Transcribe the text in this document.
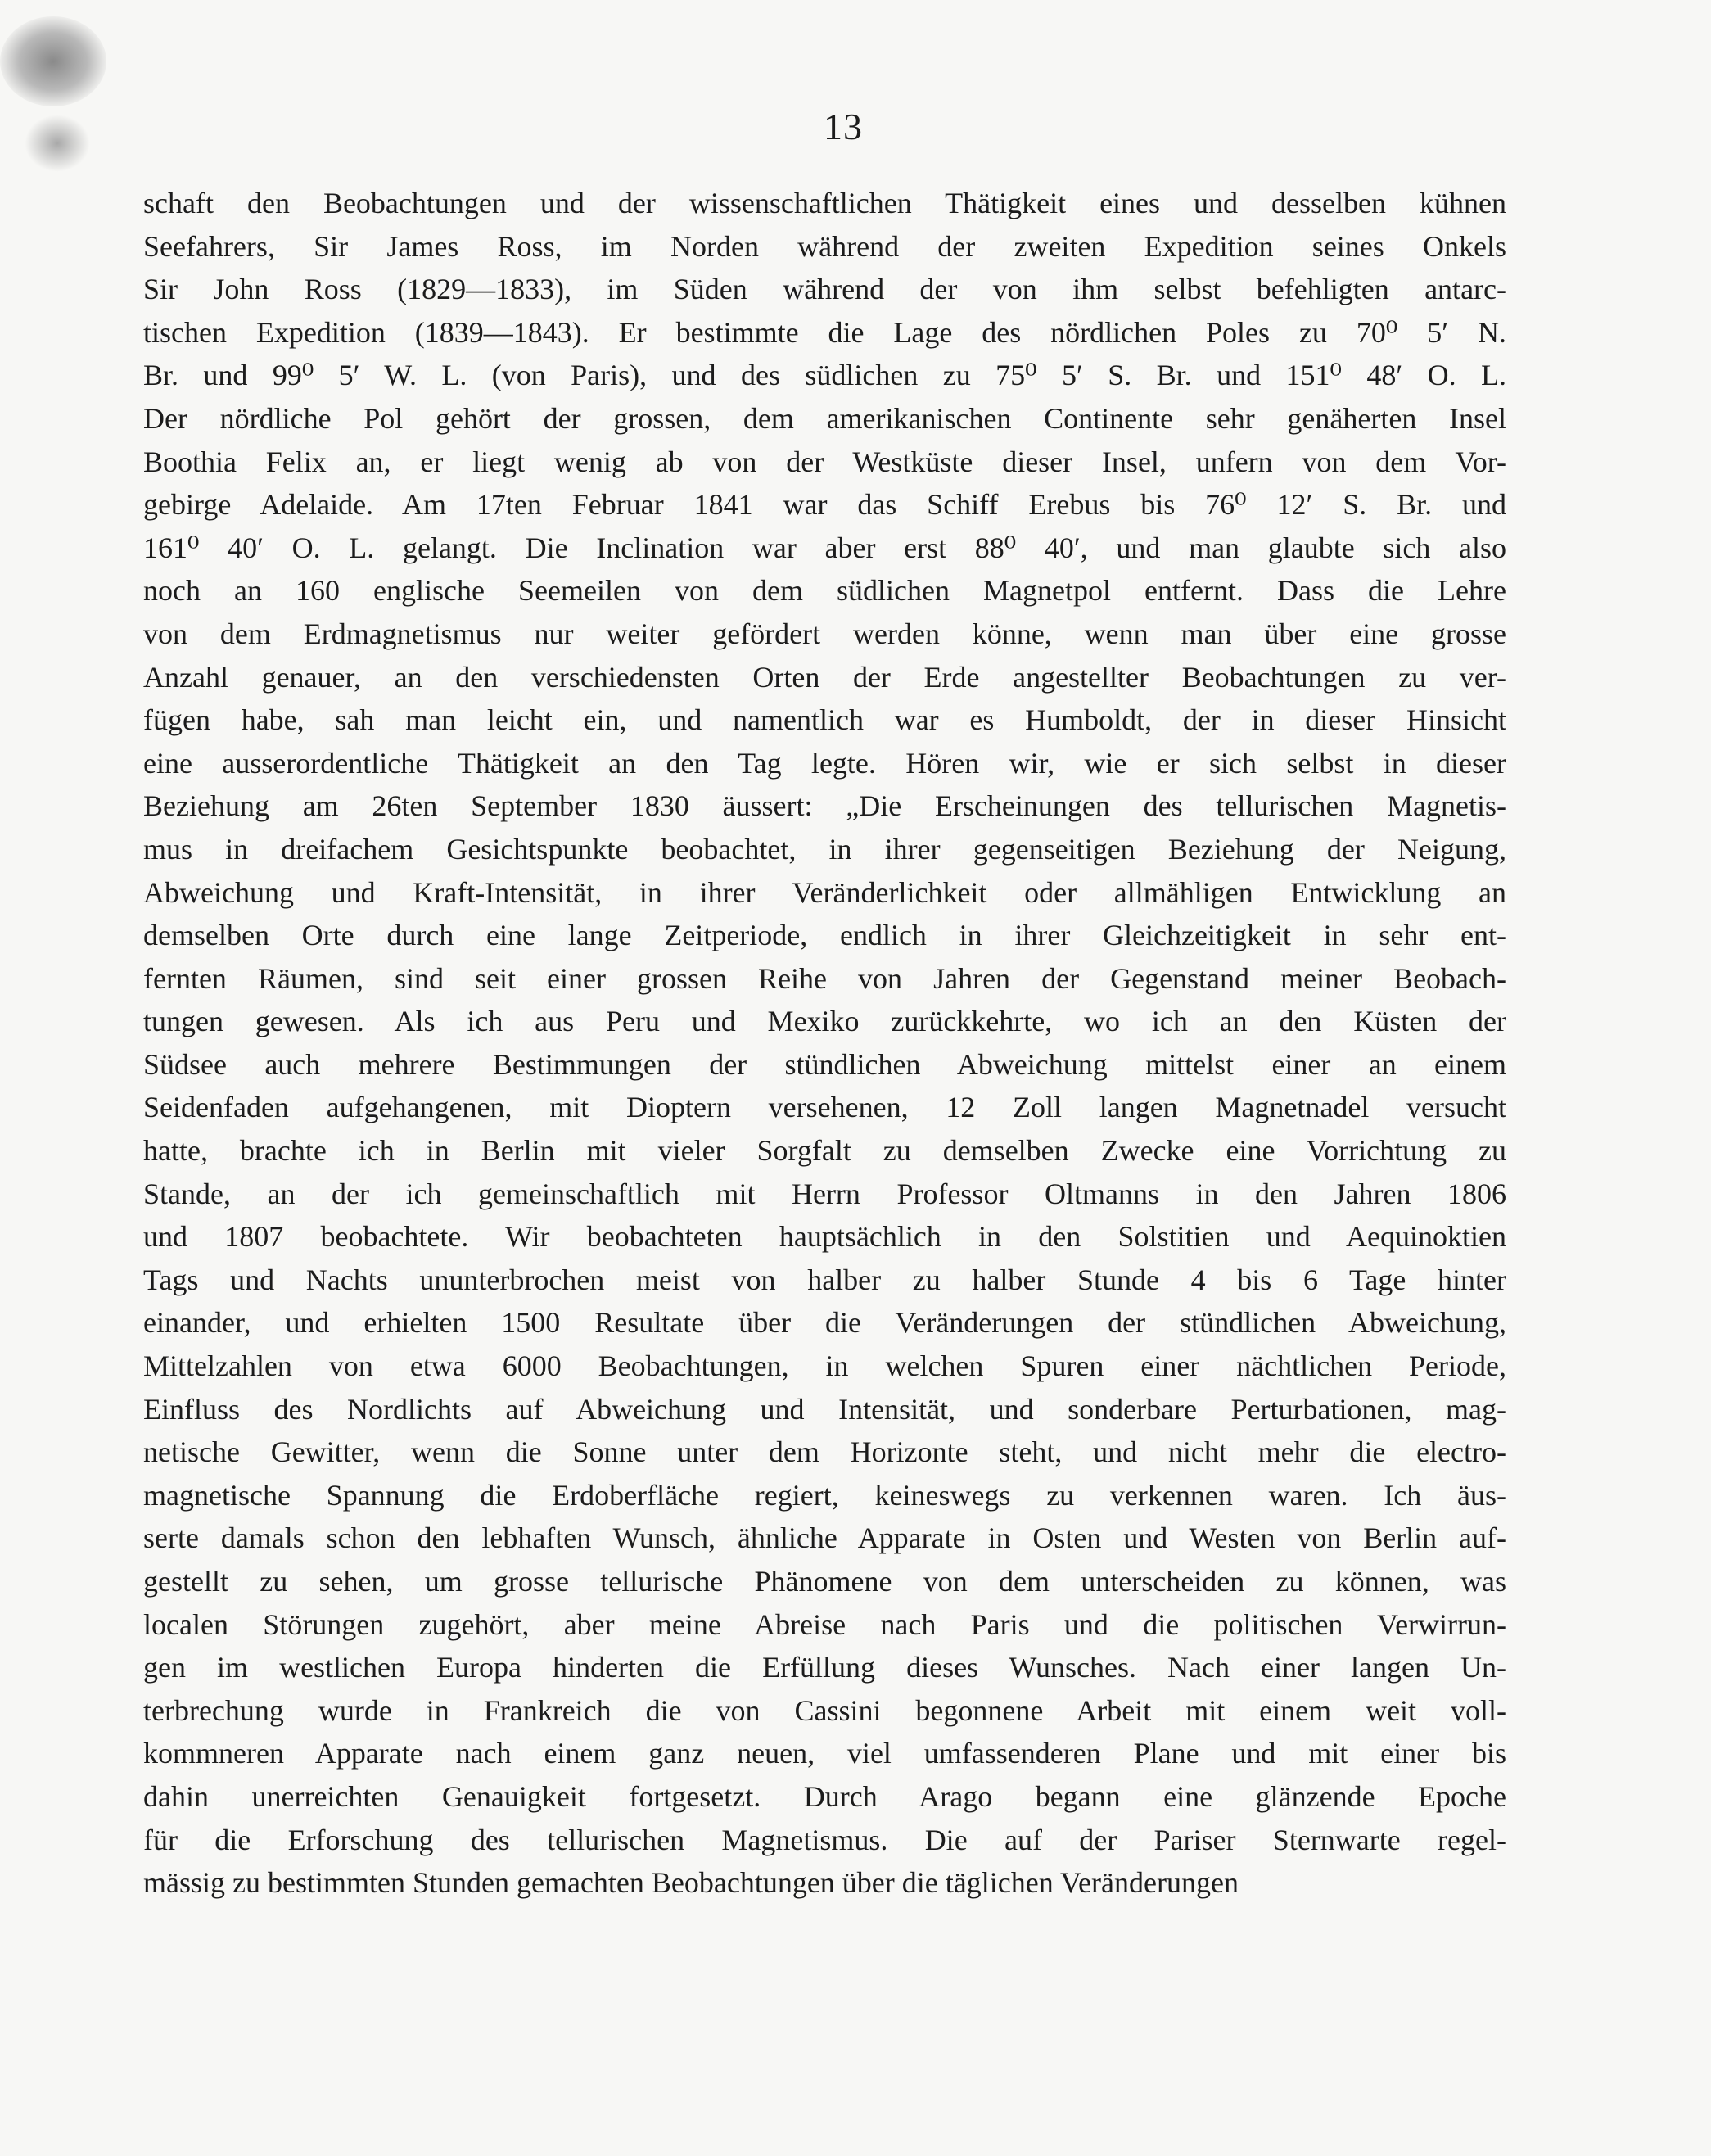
13
schaft den Beobachtungen und der wissenschaftlichen Thätigkeit eines und desselben kühnen
Seefahrers, Sir James Ross, im Norden während der zweiten Expedition seines Onkels
Sir John Ross (1829—1833), im Süden während der von ihm selbst befehligten antarc-
tischen Expedition (1839—1843). Er bestimmte die Lage des nördlichen Poles zu 70⁰ 5′ N.
Br. und 99⁰ 5′ W. L. (von Paris), und des südlichen zu 75⁰ 5′ S. Br. und 151⁰ 48′ O. L.
Der nördliche Pol gehört der grossen, dem amerikanischen Continente sehr genäherten Insel
Boothia Felix an, er liegt wenig ab von der Westküste dieser Insel, unfern von dem Vor-
gebirge Adelaide. Am 17ten Februar 1841 war das Schiff Erebus bis 76⁰ 12′ S. Br. und
161⁰ 40′ O. L. gelangt. Die Inclination war aber erst 88⁰ 40′, und man glaubte sich also
noch an 160 englische Seemeilen von dem südlichen Magnetpol entfernt. Dass die Lehre
von dem Erdmagnetismus nur weiter gefördert werden könne, wenn man über eine grosse
Anzahl genauer, an den verschiedensten Orten der Erde angestellter Beobachtungen zu ver-
fügen habe, sah man leicht ein, und namentlich war es Humboldt, der in dieser Hinsicht
eine ausserordentliche Thätigkeit an den Tag legte. Hören wir, wie er sich selbst in dieser
Beziehung am 26ten September 1830 äussert: „Die Erscheinungen des tellurischen Magnetis-
mus in dreifachem Gesichtspunkte beobachtet, in ihrer gegenseitigen Beziehung der Neigung,
Abweichung und Kraft-Intensität, in ihrer Veränderlichkeit oder allmähligen Entwicklung an
demselben Orte durch eine lange Zeitperiode, endlich in ihrer Gleichzeitigkeit in sehr ent-
fernten Räumen, sind seit einer grossen Reihe von Jahren der Gegenstand meiner Beobach-
tungen gewesen. Als ich aus Peru und Mexiko zurückkehrte, wo ich an den Küsten der
Südsee auch mehrere Bestimmungen der stündlichen Abweichung mittelst einer an einem
Seidenfaden aufgehangenen, mit Dioptern versehenen, 12 Zoll langen Magnetnadel versucht
hatte, brachte ich in Berlin mit vieler Sorgfalt zu demselben Zwecke eine Vorrichtung zu
Stande, an der ich gemeinschaftlich mit Herrn Professor Oltmanns in den Jahren 1806
und 1807 beobachtete. Wir beobachteten hauptsächlich in den Solstitien und Aequinoktien
Tags und Nachts ununterbrochen meist von halber zu halber Stunde 4 bis 6 Tage hinter
einander, und erhielten 1500 Resultate über die Veränderungen der stündlichen Abweichung,
Mittelzahlen von etwa 6000 Beobachtungen, in welchen Spuren einer nächtlichen Periode,
Einfluss des Nordlichts auf Abweichung und Intensität, und sonderbare Perturbationen, mag-
netische Gewitter, wenn die Sonne unter dem Horizonte steht, und nicht mehr die electro-
magnetische Spannung die Erdoberfläche regiert, keineswegs zu verkennen waren. Ich äus-
serte damals schon den lebhaften Wunsch, ähnliche Apparate in Osten und Westen von Berlin auf-
gestellt zu sehen, um grosse tellurische Phänomene von dem unterscheiden zu können, was
localen Störungen zugehört, aber meine Abreise nach Paris und die politischen Verwirrun-
gen im westlichen Europa hinderten die Erfüllung dieses Wunsches. Nach einer langen Un-
terbrechung wurde in Frankreich die von Cassini begonnene Arbeit mit einem weit voll-
kommneren Apparate nach einem ganz neuen, viel umfassenderen Plane und mit einer bis
dahin unerreichten Genauigkeit fortgesetzt. Durch Arago begann eine glänzende Epoche
für die Erforschung des tellurischen Magnetismus. Die auf der Pariser Sternwarte regel-
mässig zu bestimmten Stunden gemachten Beobachtungen über die täglichen Veränderungen
